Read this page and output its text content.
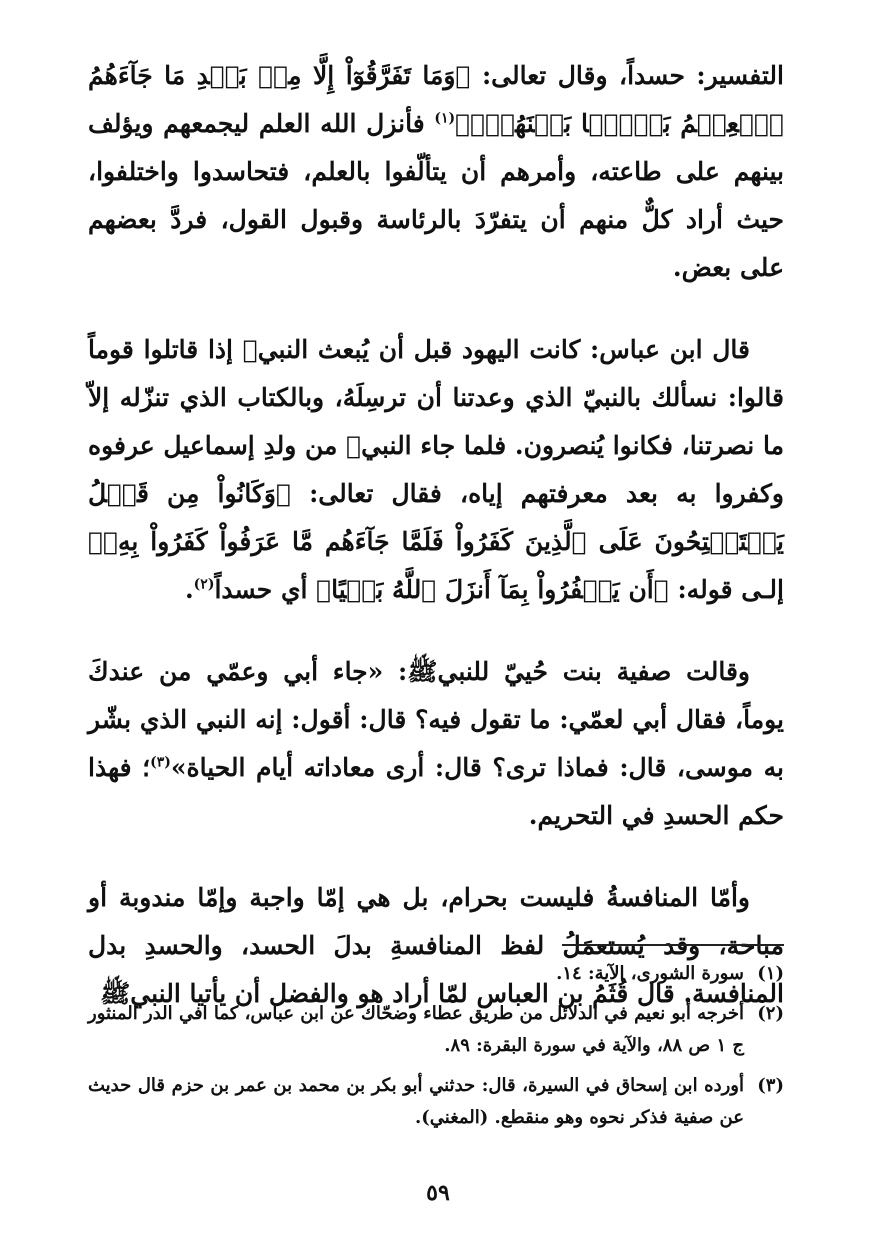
التفسير: حسداً، وقال تعالى: ﴿وَمَا تَفَرَّقُوٓاْ إِلَّا مِنۢ بَعۡدِ مَا جَآءَهُمُ ٱلۡعِلۡمُ بَغۡيَۢا بَيۡنَهُمۡۚ﴾$^{(١)}$ فأنزل الله العلم ليجمعهم ويؤلف بينهم على طاعته، وأمرهم أن يتألّفوا بالعلم، فتحاسدوا واختلفوا، حيث أراد كلٌّ منهم أن يتفرّدَ بالرئاسة وقبول القول، فردَّ بعضهم على بعض.

قال ابن عباس: كانت اليهود قبل أن يُبعث النبيﷺ إذا قاتلوا قوماً قالوا: نسألك بالنبيّ الذي وعدتنا أن ترسِلَهُ، وبالكتاب الذي تنزّله إلاّ ما نصرتنا، فكانوا يُنصرون. فلما جاء النبيﷺ من ولدِ إسماعيل عرفوه وكفروا به بعد معرفتهم إياه، فقال تعالى: ﴿وَكَانُواْ مِن قَبۡلُ يَسۡتَفۡتِحُونَ عَلَى ٱلَّذِينَ كَفَرُواْ فَلَمَّا جَآءَهُم مَّا عَرَفُواْ كَفَرُواْ بِهِۦ﴾ إلـى قوله: ﴿أَن يَكۡفُرُواْ بِمَآ أَنزَلَ ٱللَّهُ بَغۡيًا﴾ أي حسداً$^{(٢)}$.

وقالت صفية بنت حُييّ للنبيﷺ: «جاء أبي وعمّي من عندكَ يوماً، فقال أبي لعمّي: ما تقول فيه؟ قال: أقول: إنه النبي الذي بشّر به موسى، قال: فماذا ترى؟ قال: أرى معاداته أيام الحياة»$^{(٣)}$؛ فهذا حكم الحسدِ في التحريم.

وأمّا المنافسةُ فليست بحرام، بل هي إمّا واجبة وإمّا مندوبة أو مباحة، وقد يُستعمَلُ لفظ المنافسةِ بدلَ الحسد، والحسدِ بدل المنافسة. قال قُثَمُ بن العباس لمّا أراد هو والفضل أن يأتيا النبيﷺ

(١)
سورة الشورى، الآية: ١٤.
(٢)
أخرجه أبو نعيم في الدلائل من طريق عطاء وضحّاك عن ابن عباس، كما افي الدر المنثور ج ١ ص ٨٨، والآية في سورة البقرة: ٨٩.
(٣)
أورده ابن إسحاق في السيرة، قال: حدثني أبو بكر بن محمد بن عمر بن حزم قال حديث عن صفية فذكر نحوه وهو منقطع. (المغني).
٥٩
